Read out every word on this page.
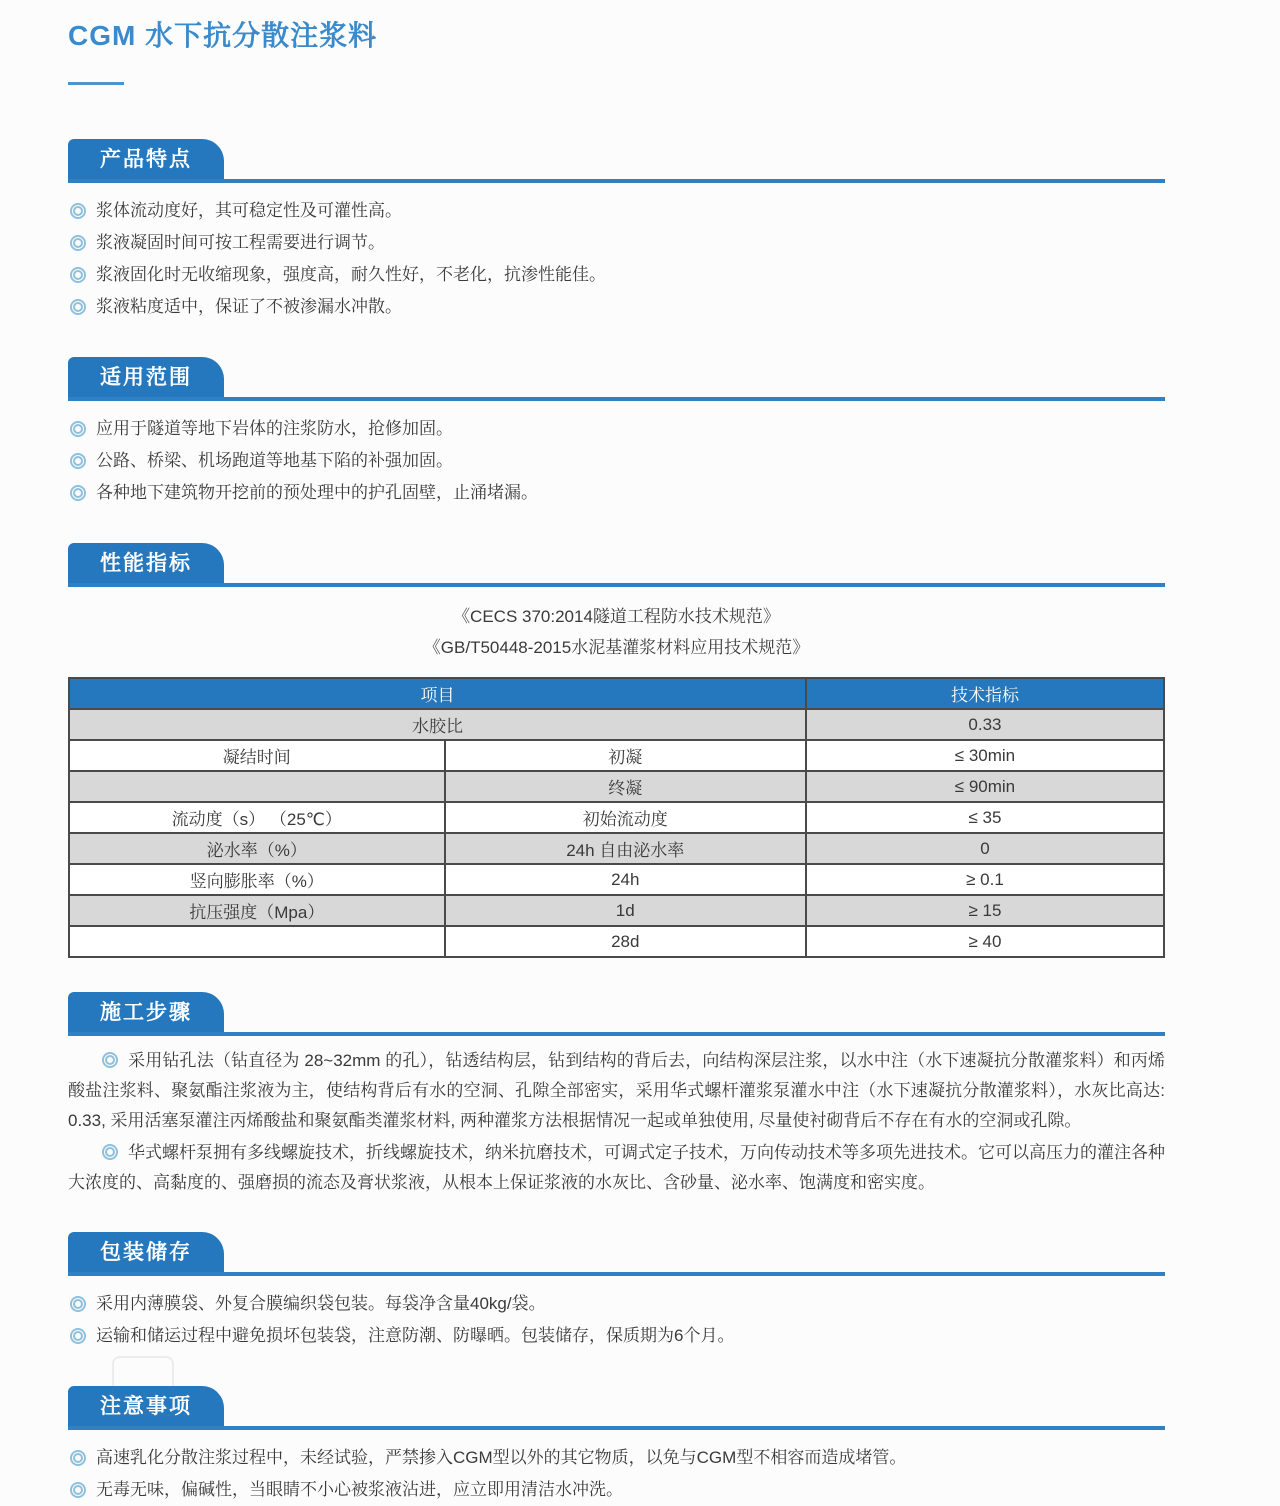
CGM 水下抗分散注浆料
产品特点
浆体流动度好，其可稳定性及可灌性高。
浆液凝固时间可按工程需要进行调节。
浆液固化时无收缩现象，强度高，耐久性好，不老化，抗渗性能佳。
浆液粘度适中，保证了不被渗漏水冲散。
适用范围
应用于隧道等地下岩体的注浆防水，抢修加固。
公路、桥梁、机场跑道等地基下陷的补强加固。
各种地下建筑物开挖前的预处理中的护孔固壁，止涌堵漏。
性能指标
《CECS 370:2014隧道工程防水技术规范》
《GB/T50448-2015水泥基灌浆材料应用技术规范》
项目		技术指标
水胶比		0.33
凝结时间	初凝	≤ 30min
	终凝	≤ 90min
流动度（s） （25℃）	初始流动度	≤ 35
泌水率（%）	24h 自由泌水率	0
竖向膨胀率（%）	24h	≥ 0.1
抗压强度（Mpa）	1d	≥ 15
	28d	≥ 40
施工步骤

采用钻孔法（钻直径为 28~32mm 的孔），钻透结构层，钻到结构的背后去，向结构深层注浆，以水中注（水下速凝抗分散灌浆料）和丙烯酸盐注浆料、聚氨酯注浆液为主，使结构背后有水的空洞、孔隙全部密实，采用华式螺杆灌浆泵灌水中注（水下速凝抗分散灌浆料），水灰比高达: 0.33, 采用活塞泵灌注丙烯酸盐和聚氨酯类灌浆材料, 两种灌浆方法根据情况一起或单独使用, 尽量使衬砌背后不存在有水的空洞或孔隙。

华式螺杆泵拥有多线螺旋技术，折线螺旋技术，纳米抗磨技术，可调式定子技术，万向传动技术等多项先进技术。它可以高压力的灌注各种大浓度的、高黏度的、强磨损的流态及膏状浆液，从根本上保证浆液的水灰比、含砂量、泌水率、饱满度和密实度。

包装储存
采用内薄膜袋、外复合膜编织袋包装。每袋净含量40kg/袋。
运输和储运过程中避免损坏包装袋，注意防潮、防曝晒。包装储存，保质期为6个月。
注意事项
高速乳化分散注浆过程中，未经试验，严禁掺入CGM型以外的其它物质，以免与CGM型不相容而造成堵管。
无毒无味，偏碱性，当眼睛不小心被浆液沾进，应立即用清洁水冲洗。
